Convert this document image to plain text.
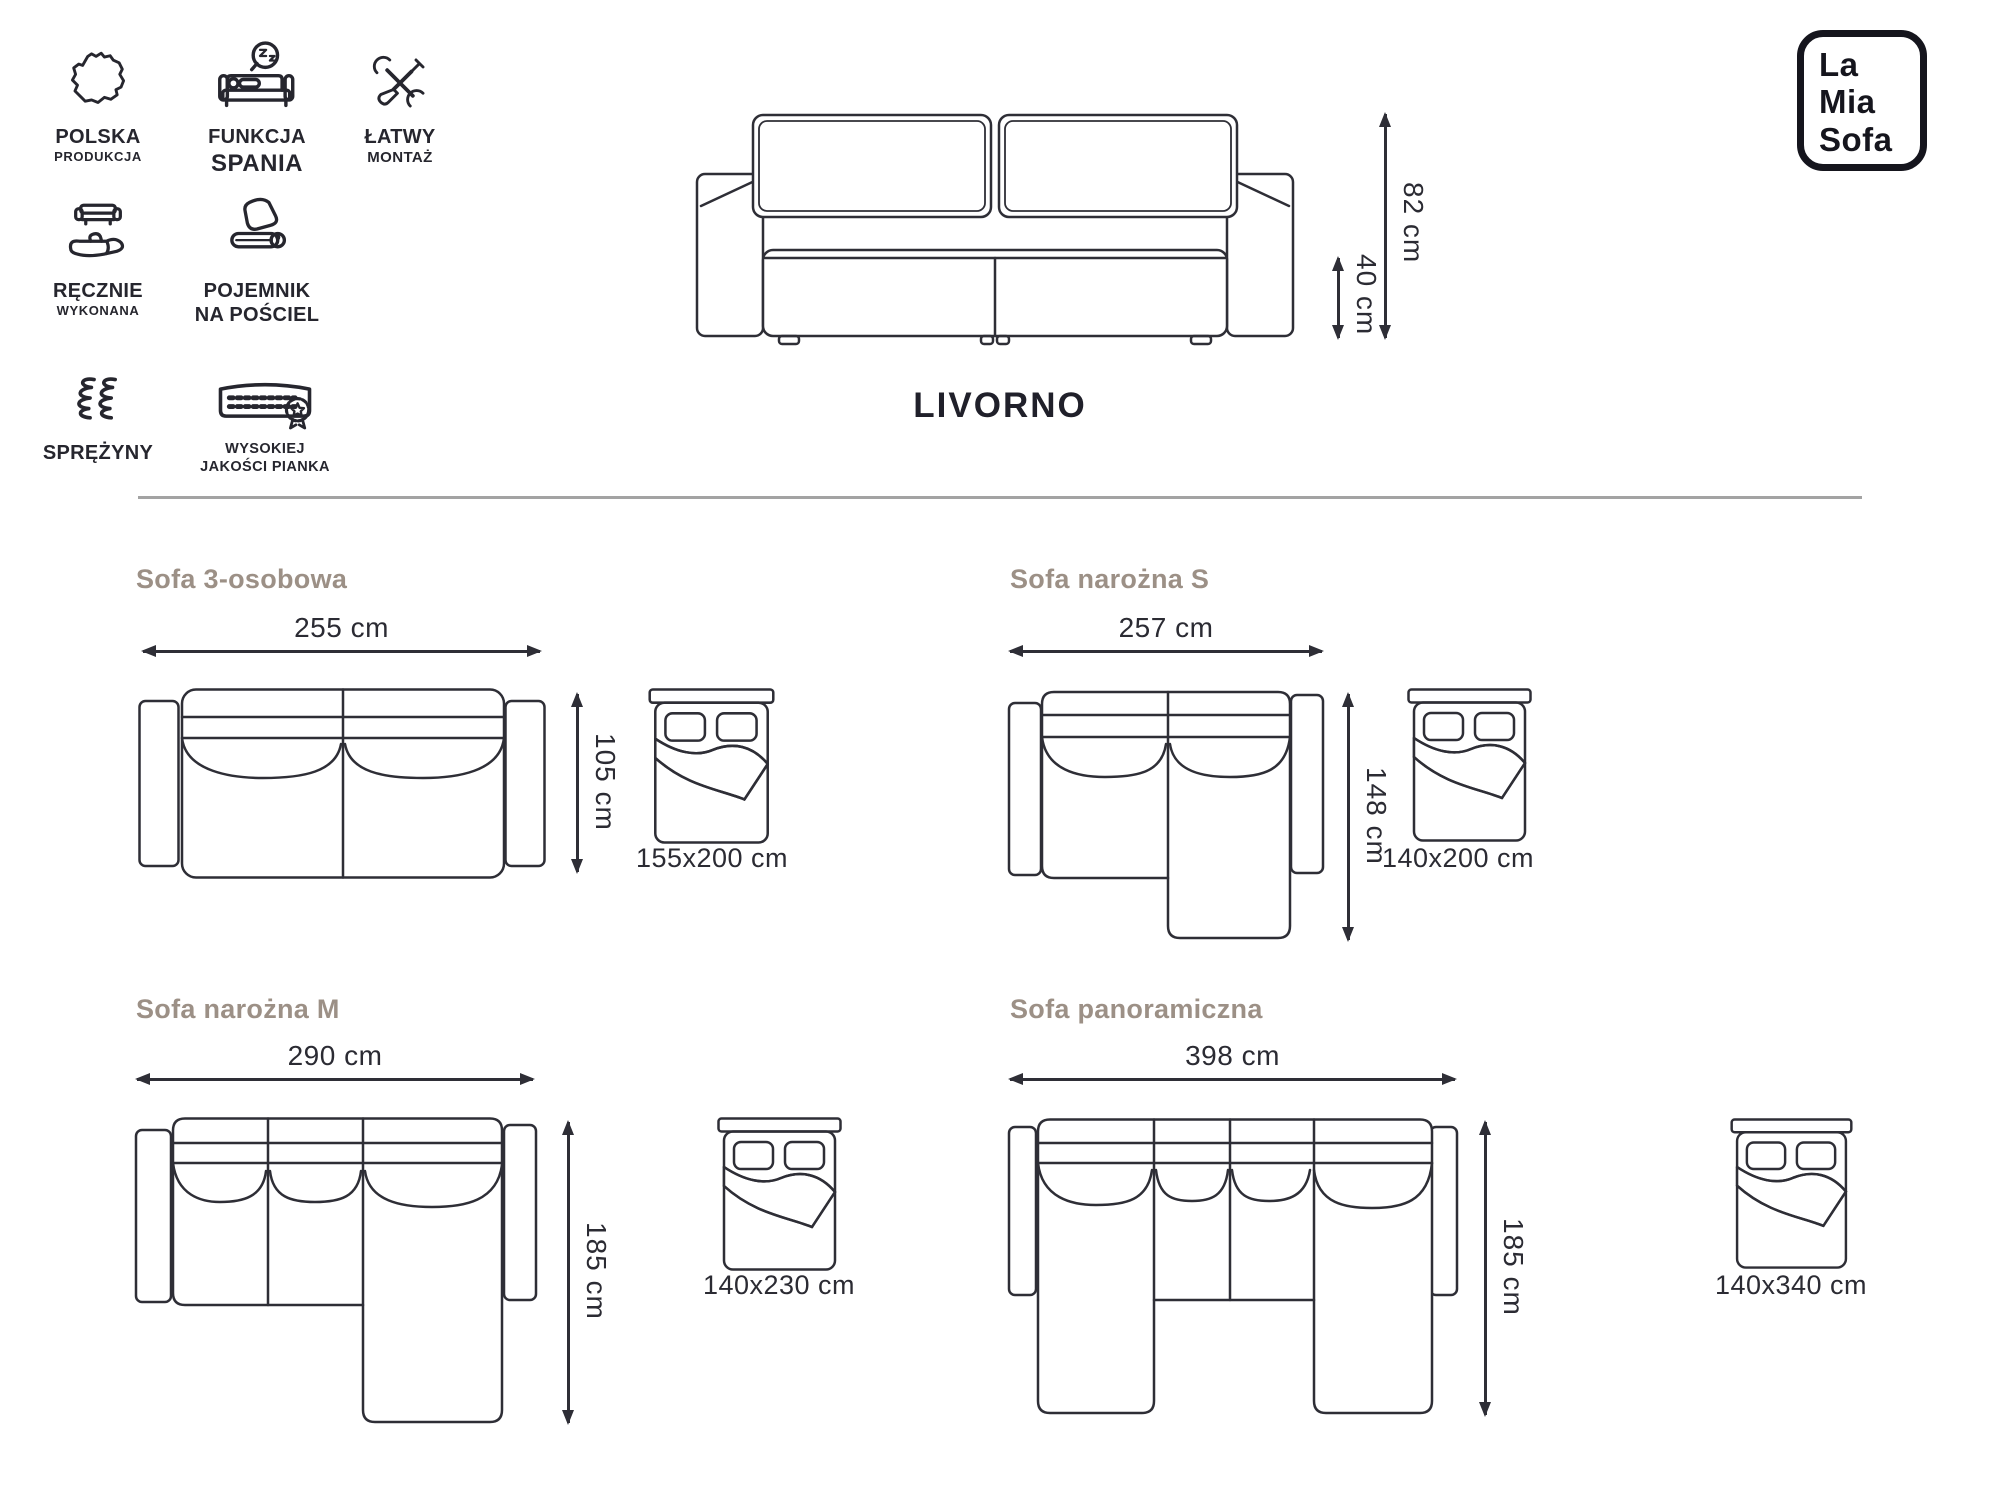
POLSKA
PRODUKCJA
FUNKCJA
SPANIA
ŁATWY
MONTAŻ
RĘCZNIE
WYKONANA
POJEMNIK
NA POŚCIEL
SPRĘŻYNY	WYSOKIEJ
JAKOŚCI PIANKA
La
Mia
Sofa
82 cm
40 cm
LIVORNO
Sofa 3-osobowa
255 cm
105 cm
155x200 cm
Sofa narożna S
257 cm
148 cm
140x200 cm
Sofa narożna M
290 cm
185 cm	140x230 cm
Sofa panoramiczna
398 cm
185 cm	140x340 cm
